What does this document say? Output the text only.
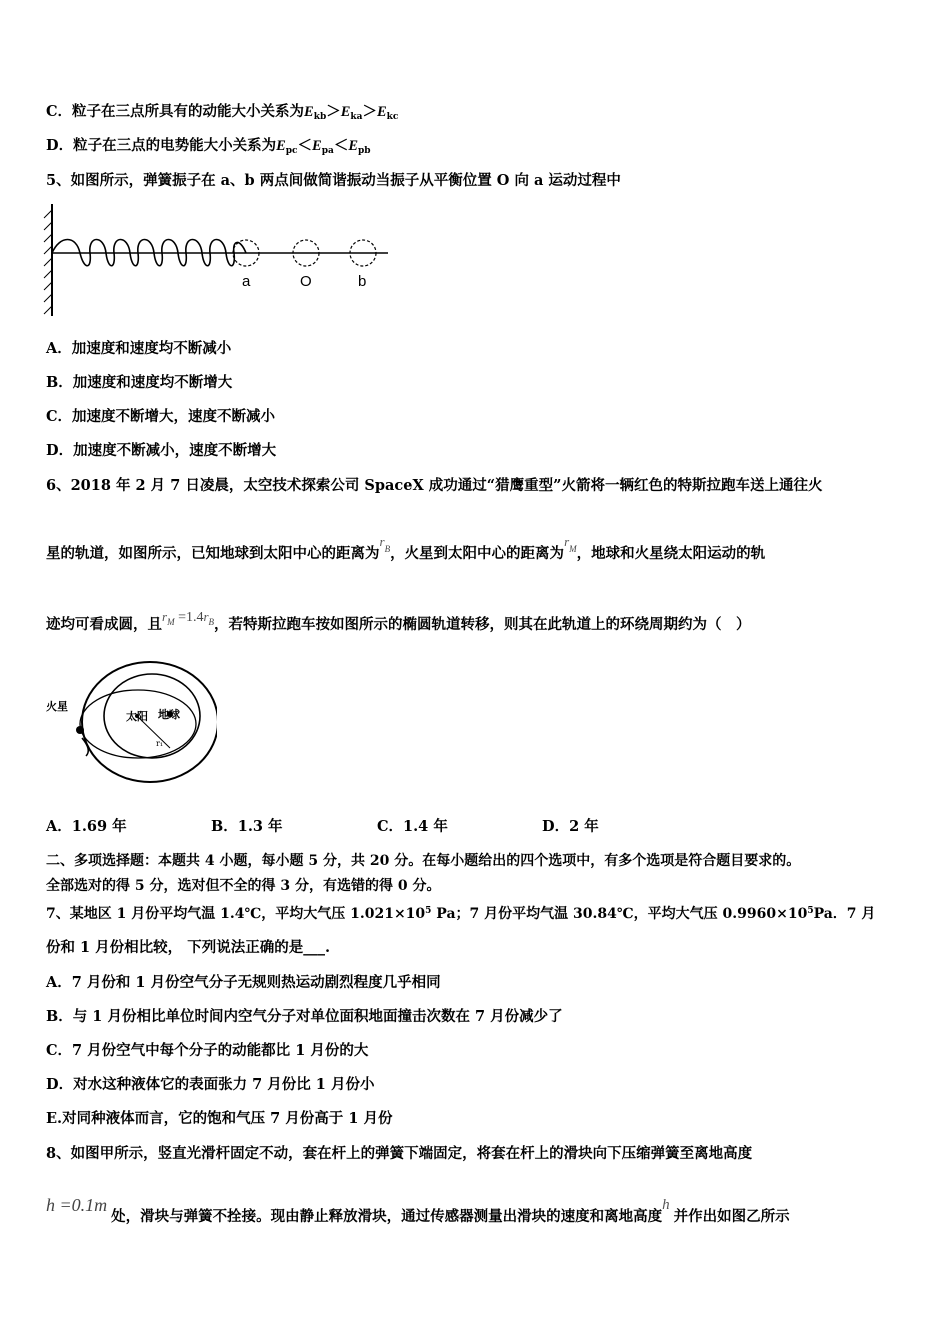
C．粒子在三点所具有的动能大小关系为$E_{kb}>E_{ka}>E_{kc}$
D．粒子在三点的电势能大小关系为$E_{pc}<E_{pa}<E_{pb}$
5、如图所示，弹簧振子在 a、b 两点间做简谐振动当振子从平衡位置 O 向 a 运动过程中
a	O	b
A．加速度和速度均不断减小
B．加速度和速度均不断增大
C．加速度不断增大，速度不断减小
D．加速度不断减小，速度不断增大
6、2018 年 2 月 7 日凌晨，太空技术探索公司 SpaceX 成功通过“猎鹰重型”火箭将一辆红色的特斯拉跑车送上通往火
星的轨道，如图所示，已知地球到太阳中心的距离为$r_B$，火星到太阳中心的距离为$r_M$，地球和火星绕太阳运动的轨
迹均可看成圆，且$r_M =1.4r_B$，若特斯拉跑车按如图所示的椭圆轨道转移，则其在此轨道上的环绕周期约为（　）
火星
太阳 地球
r₁
A．1.69 年	B．1.3 年	C．1.4 年	D．2 年
二、多项选择题：本题共 4 小题，每小题 5 分，共 20 分。在每小题给出的四个选项中，有多个选项是符合题目要求的。
全部选对的得 5 分，选对但不全的得 3 分，有选错的得 0 分。
7、某地区 1 月份平均气温 1.4℃，平均大气压 $1.021\times 10^5$ Pa；7 月份平均气温 30.84℃，平均大气压 $0.9960\times 10^5Pa$．7 月
份和 1 月份相比较， 下列说法正确的是___.
A．7 月份和 1 月份空气分子无规则热运动剧烈程度几乎相同
B．与 1 月份相比单位时间内空气分子对单位面积地面撞击次数在 7 月份减少了
C．7 月份空气中每个分子的动能都比 1 月份的大
D．对水这种液体它的表面张力 7 月份比 1 月份小
E.对同种液体而言，它的饱和气压 7 月份高于 1 月份
8、如图甲所示，竖直光滑杆固定不动，套在杆上的弹簧下端固定，将套在杆上的滑块向下压缩弹簧至离地高度
h =0.1m处，滑块与弹簧不拴接。现由静止释放滑块，通过传感器测量出滑块的速度和离地高度h并作出如图乙所示
